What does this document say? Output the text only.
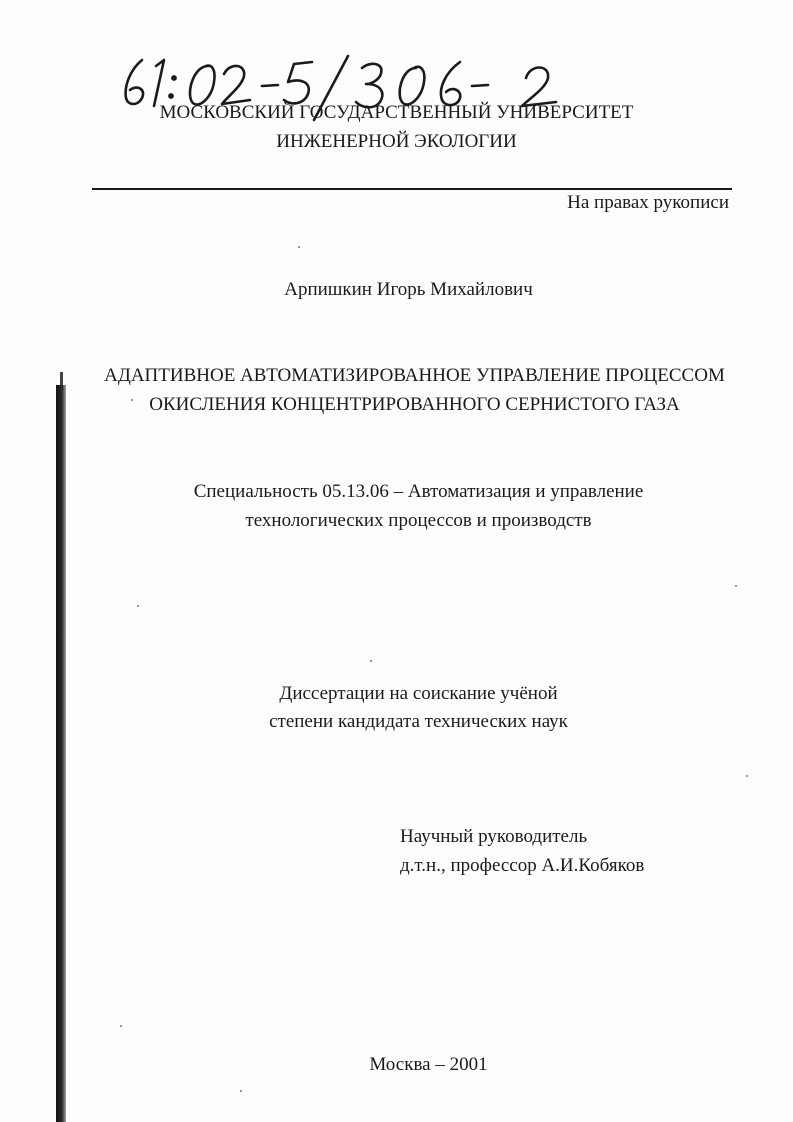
МОСКОВСКИЙ ГОСУДАРСТВЕННЫЙ УНИВЕРСИТЕТ
ИНЖЕНЕРНОЙ ЭКОЛОГИИ
На правах рукописи
Арпишкин Игорь Михайлович
АДАПТИВНОЕ АВТОМАТИЗИРОВАННОЕ УПРАВЛЕНИЕ ПРОЦЕССОМ
ОКИСЛЕНИЯ КОНЦЕНТРИРОВАННОГО СЕРНИСТОГО ГАЗА
Специальность 05.13.06 – Автоматизация и управление
технологических процессов и производств
Диссертации на соискание учёной
степени кандидата технических наук
Научный руководитель
д.т.н., профессор А.И.Кобяков
Москва – 2001
